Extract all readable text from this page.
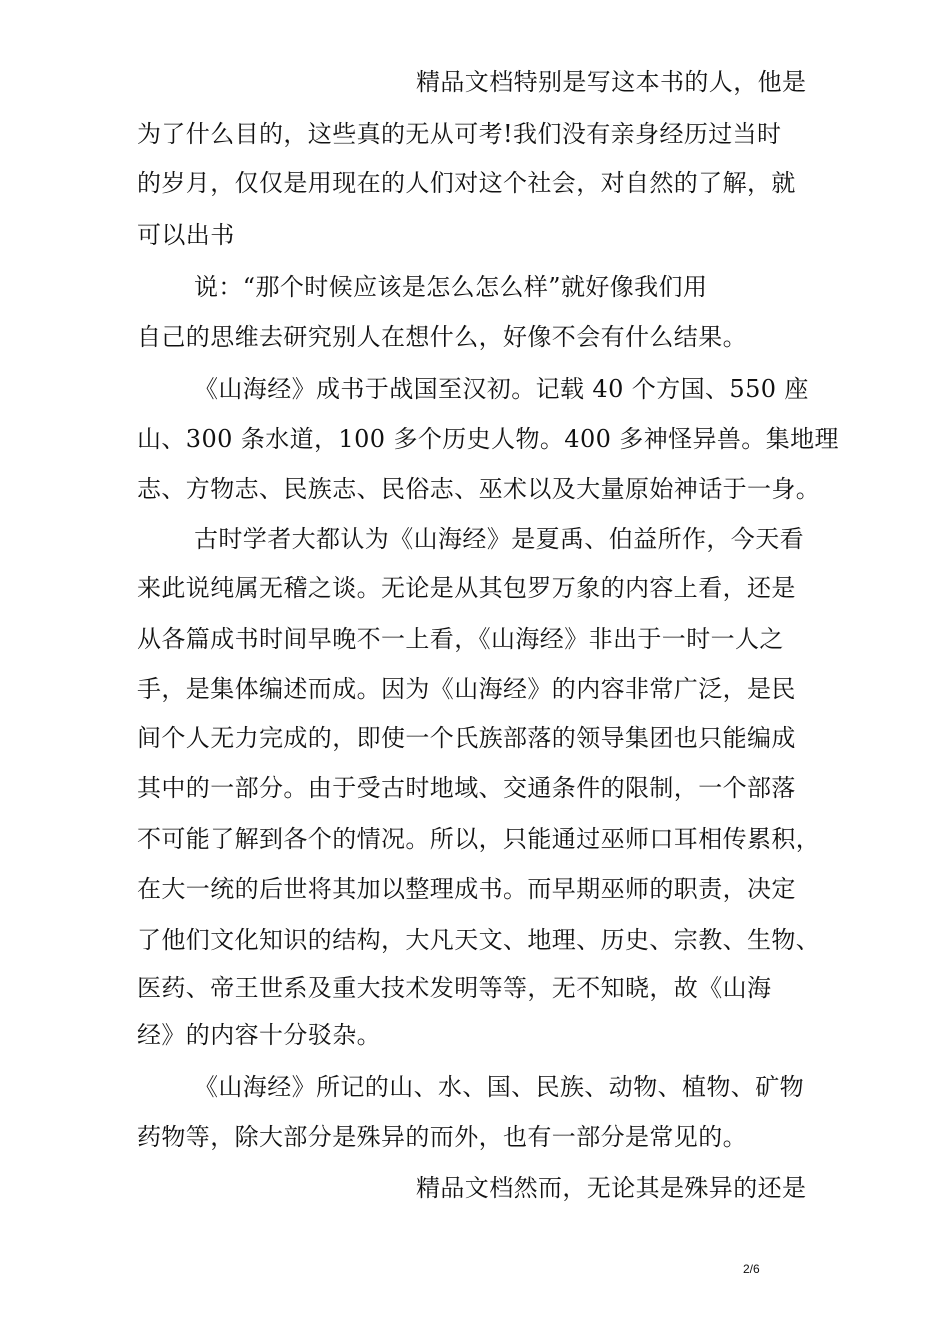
精品文档特别是写这本书的人，他是
为了什么目的，这些真的无从可考!我们没有亲身经历过当时
的岁月，仅仅是用现在的人们对这个社会，对自然的了解，就
可以出书
说：“那个时候应该是怎么怎么样”就好像我们用
自己的思维去研究别人在想什么，好像不会有什么结果。
《山海经》成书于战国至汉初。记载 40 个方国、550 座
山、300 条水道，100 多个历史人物。400 多神怪异兽。集地理
志、方物志、民族志、民俗志、巫术以及大量原始神话于一身。
古时学者大都认为《山海经》是夏禹、伯益所作，今天看
来此说纯属无稽之谈。无论是从其包罗万象的内容上看，还是
从各篇成书时间早晚不一上看，《山海经》非出于一时一人之
手，是集体编述而成。因为《山海经》的内容非常广泛，是民
间个人无力完成的，即使一个氏族部落的领导集团也只能编成
其中的一部分。由于受古时地域、交通条件的限制，一个部落
不可能了解到各个的情况。所以，只能通过巫师口耳相传累积，
在大一统的后世将其加以整理成书。而早期巫师的职责，决定
了他们文化知识的结构，大凡天文、地理、历史、宗教、生物、
医药、帝王世系及重大技术发明等等，无不知晓，故《山海
经》的内容十分驳杂。
《山海经》所记的山、水、国、民族、动物、植物、矿物
药物等，除大部分是殊异的而外，也有一部分是常见的。
精品文档然而，无论其是殊异的还是
2/6
